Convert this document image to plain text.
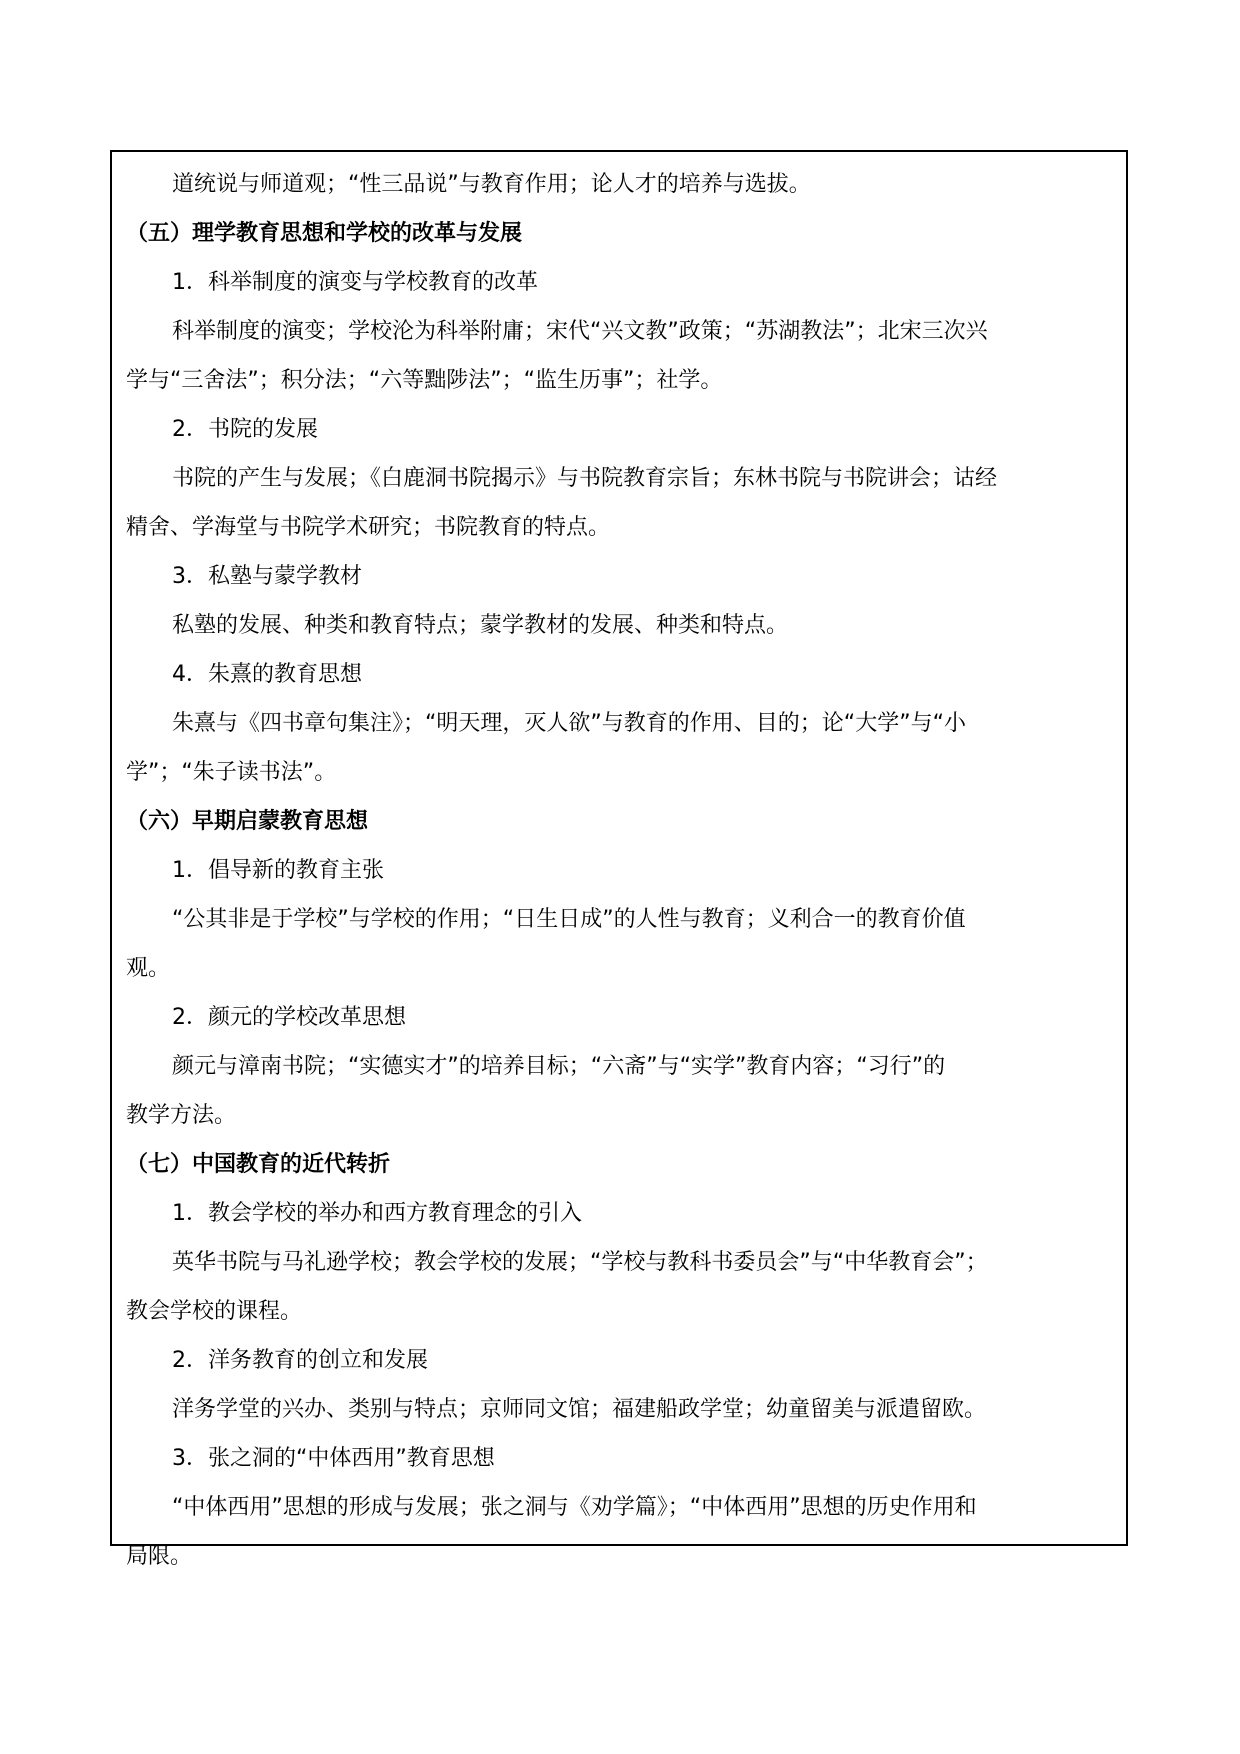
道统说与师道观；“性三品说”与教育作用；论人才的培养与选拔。
（五）理学教育思想和学校的改革与发展
1．科举制度的演变与学校教育的改革
科举制度的演变；学校沦为科举附庸；宋代“兴文教”政策；“苏湖教法”；北宋三次兴
学与“三舍法”；积分法；“六等黜陟法”；“监生历事”；社学。
2．书院的发展
书院的产生与发展；《白鹿洞书院揭示》与书院教育宗旨；东林书院与书院讲会；诂经
精舍、学海堂与书院学术研究；书院教育的特点。
3．私塾与蒙学教材
私塾的发展、种类和教育特点；蒙学教材的发展、种类和特点。
4．朱熹的教育思想
朱熹与《四书章句集注》；“明天理，灭人欲”与教育的作用、目的；论“大学”与“小
学”；“朱子读书法”。
（六）早期启蒙教育思想
1．倡导新的教育主张
“公其非是于学校”与学校的作用；“日生日成”的人性与教育；义利合一的教育价值
观。
2．颜元的学校改革思想
颜元与漳南书院；“实德实才”的培养目标；“六斋”与“实学”教育内容；“习行”的
教学方法。
（七）中国教育的近代转折
1．教会学校的举办和西方教育理念的引入
英华书院与马礼逊学校；教会学校的发展；“学校与教科书委员会”与“中华教育会”；
教会学校的课程。
2．洋务教育的创立和发展
洋务学堂的兴办、类别与特点；京师同文馆；福建船政学堂；幼童留美与派遣留欧。
3．张之洞的“中体西用”教育思想
“中体西用”思想的形成与发展；张之洞与《劝学篇》；“中体西用”思想的历史作用和
局限。
